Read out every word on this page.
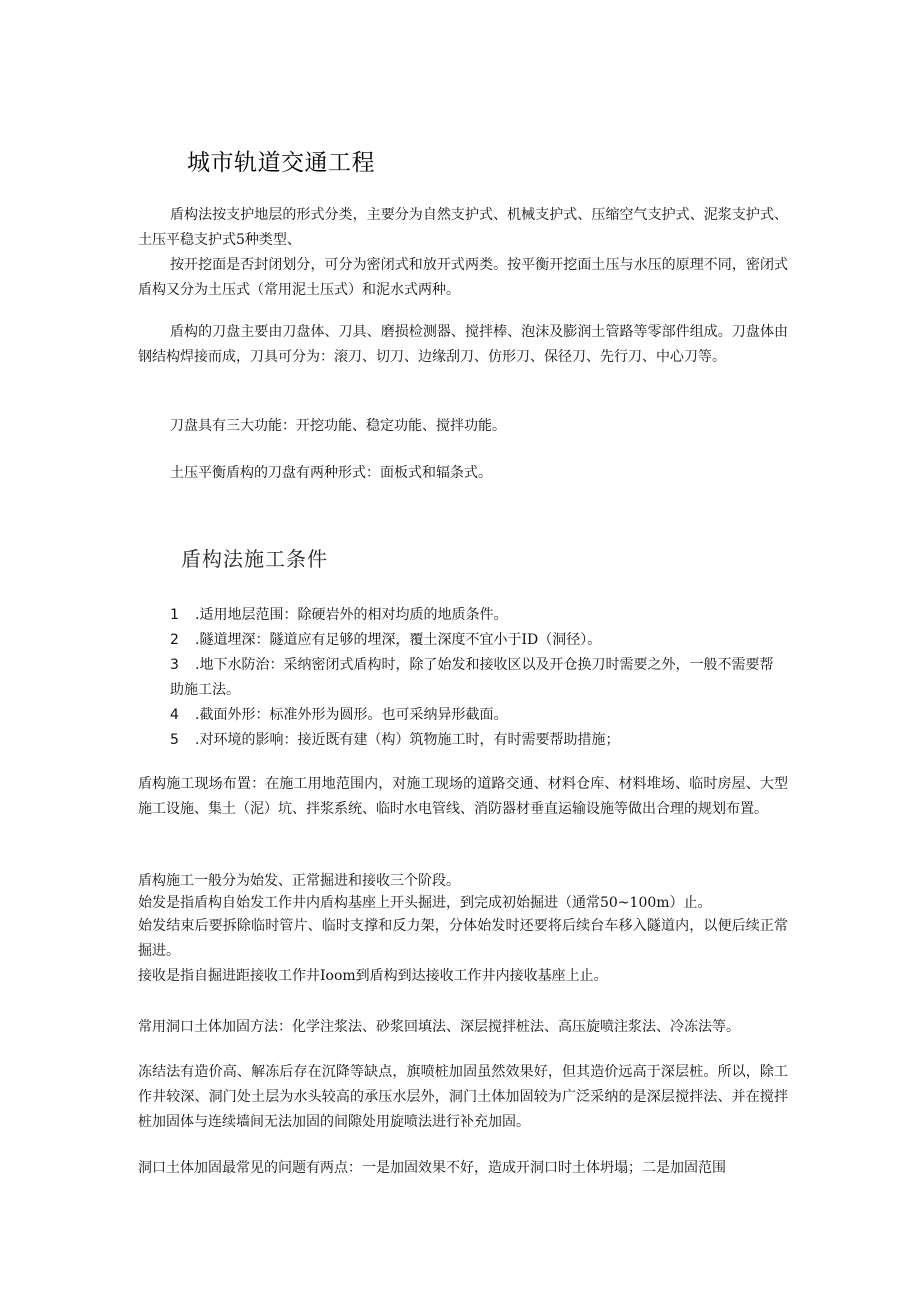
城市轨道交通工程

盾构法按支护地层的形式分类，主要分为自然支护式、机械支护式、压缩空气支护式、泥浆支护式、土压平稳支护式5种类型、

按开挖面是否封闭划分，可分为密闭式和放开式两类。按平衡开挖面土压与水压的原理不同，密闭式盾构又分为土压式（常用泥土压式）和泥水式两种。

盾构的刀盘主要由刀盘体、刀具、磨损检测器、搅拌棒、泡沫及膨润土管路等零部件组成。刀盘体由钢结构焊接而成，刀具可分为：滚刀、切刀、边缘刮刀、仿形刀、保径刀、先行刀、中心刀等。

刀盘具有三大功能：开挖功能、稳定功能、搅拌功能。

土压平衡盾构的刀盘有两种形式：面板式和辐条式。

盾构法施工条件
1 .适用地层范围：除硬岩外的相对均质的地质条件。
2 .隧道埋深：隧道应有足够的埋深，覆土深度不宜小于ID（洞径）。
3	.地下水防治：采纳密闭式盾构时，除了始发和接收区以及开仓换刀时需要之外，一般不需要帮助施工法。
4 .截面外形：标准外形为圆形。也可采纳异形截面。
5 .对环境的影响：接近既有建（构）筑物施工时，有时需要帮助措施；

盾构施工现场布置：在施工用地范围内，对施工现场的道路交通、材料仓库、材料堆场、临时房屋、大型施工设施、集土（泥）坑、拌浆系统、临时水电管线、消防器材垂直运输设施等做出合理的规划布置。

盾构施工一般分为始发、正常掘进和接收三个阶段。

始发是指盾构自始发工作井内盾构基座上开头掘进，到完成初始掘进（通常50~100m）止。

始发结束后要拆除临时管片、临时支撑和反力架，分体始发时还要将后续台车移入隧道内，以便后续正常掘进。

接收是指自掘进距接收工作井Ioom到盾构到达接收工作井内接收基座上止。

常用洞口土体加固方法：化学注浆法、砂浆回填法、深层搅拌桩法、高压旋喷注浆法、冷冻法等。

冻结法有造价高、解冻后存在沉降等缺点，旗喷桩加固虽然效果好，但其造价远高于深层桩。所以，除工作井较深、洞门处土层为水头较高的承压水层外，洞门土体加固较为广泛采纳的是深层搅拌法、并在搅拌桩加固体与连续墙间无法加固的间隙处用旋喷法进行补充加固。

洞口土体加固最常见的问题有两点：一是加固效果不好，造成开洞口时土体坍塌；二是加固范围
